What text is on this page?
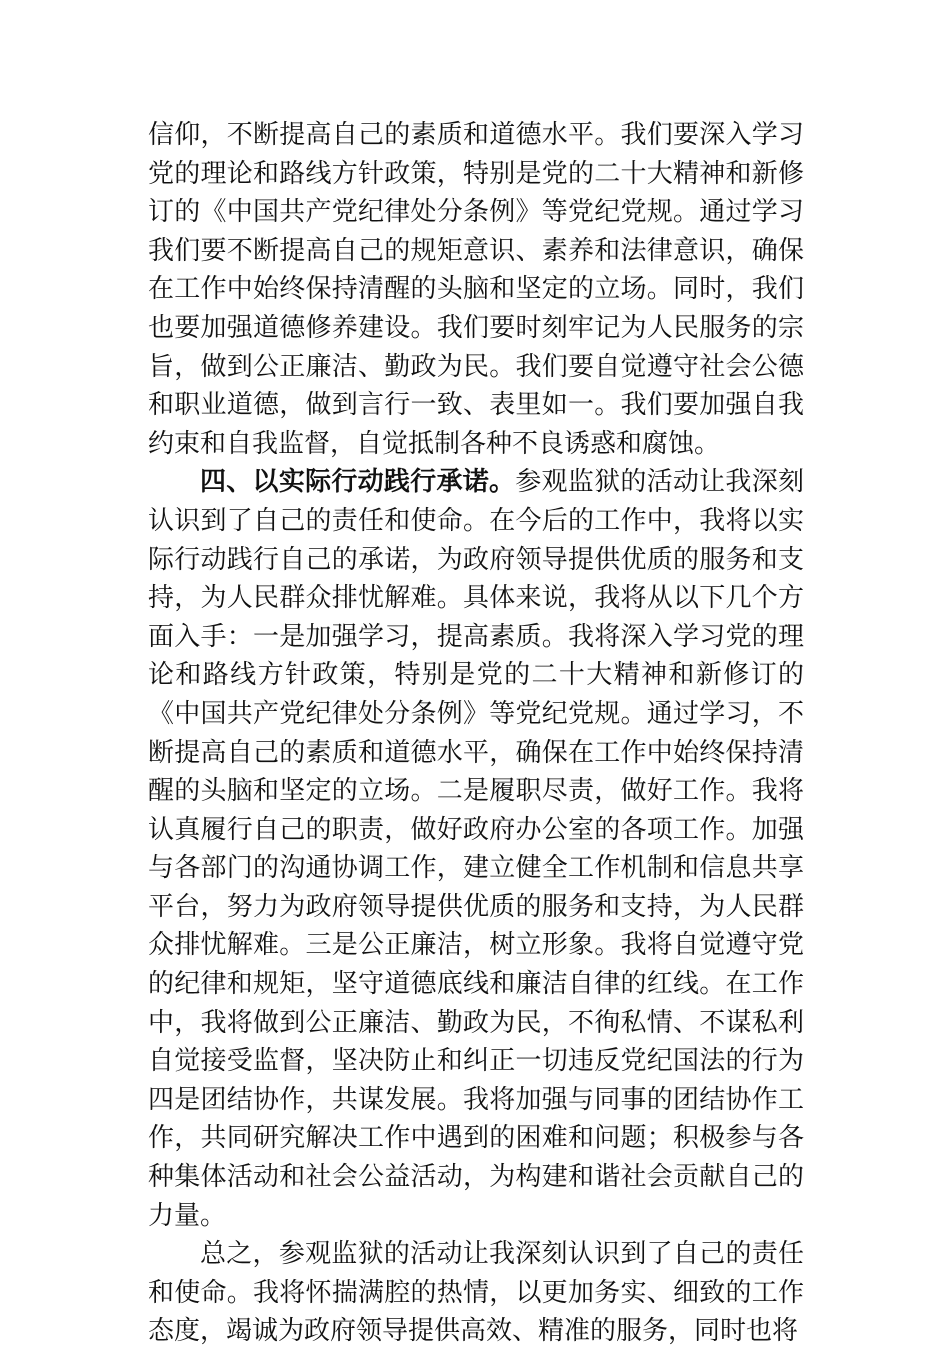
信仰，不断提高自己的素质和道德水平。我们要深入学习党的理论和路线方针政策，特别是党的二十大精神和新修订的《中国共产党纪律处分条例》等党纪党规。通过学习我们要不断提高自己的规矩意识、素养和法律意识，确保在工作中始终保持清醒的头脑和坚定的立场。同时，我们也要加强道德修养建设。我们要时刻牢记为人民服务的宗旨，做到公正廉洁、勤政为民。我们要自觉遵守社会公德和职业道德，做到言行一致、表里如一。我们要加强自我约束和自我监督，自觉抵制各种不良诱惑和腐蚀。

四、以实际行动践行承诺。参观监狱的活动让我深刻认识到了自己的责任和使命。在今后的工作中，我将以实际行动践行自己的承诺，为政府领导提供优质的服务和支持，为人民群众排忧解难。具体来说，我将从以下几个方面入手：一是加强学习，提高素质。我将深入学习党的理论和路线方针政策，特别是党的二十大精神和新修订的《中国共产党纪律处分条例》等党纪党规。通过学习，不断提高自己的素质和道德水平，确保在工作中始终保持清醒的头脑和坚定的立场。二是履职尽责，做好工作。我将认真履行自己的职责，做好政府办公室的各项工作。加强与各部门的沟通协调工作，建立健全工作机制和信息共享平台，努力为政府领导提供优质的服务和支持，为人民群众排忧解难。三是公正廉洁，树立形象。我将自觉遵守党的纪律和规矩，坚守道德底线和廉洁自律的红线。在工作中，我将做到公正廉洁、勤政为民，不徇私情、不谋私利自觉接受监督，坚决防止和纠正一切违反党纪国法的行为四是团结协作，共谋发展。我将加强与同事的团结协作工作，共同研究解决工作中遇到的困难和问题；积极参与各种集体活动和社会公益活动，为构建和谐社会贡献自己的力量。

总之，参观监狱的活动让我深刻认识到了自己的责任和使命。我将怀揣满腔的热情，以更加务实、细致的工作态度，竭诚为政府领导提供高效、精准的服务，同时也将
